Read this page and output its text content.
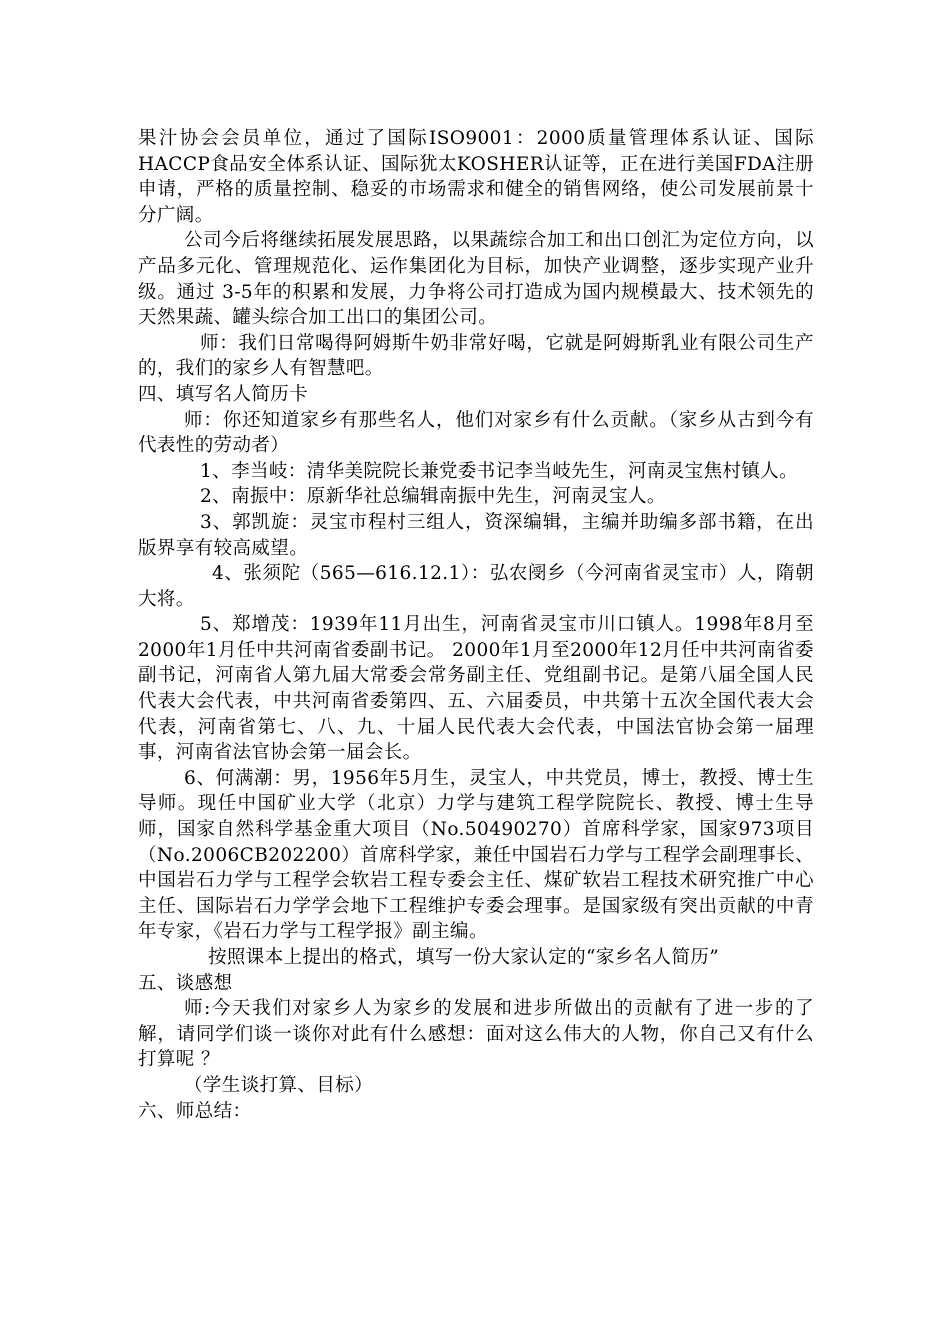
果汁协会会员单位，通过了国际ISO9001：2000质量管理体系认证、国际HACCP食品安全体系认证、国际犹太KOSHER认证等，正在进行美国FDA注册申请，严格的质量控制、稳妥的市场需求和健全的销售网络，使公司发展前景十分广阔。

公司今后将继续拓展发展思路，以果蔬综合加工和出口创汇为定位方向，以产品多元化、管理规范化、运作集团化为目标，加快产业调整，逐步实现产业升级。通过 3-5年的积累和发展，力争将公司打造成为国内规模最大、技术领先的天然果蔬、罐头综合加工出口的集团公司。

师：我们日常喝得阿姆斯牛奶非常好喝，它就是阿姆斯乳业有限公司生产的，我们的家乡人有智慧吧。

四、填写名人简历卡

师：你还知道家乡有那些名人，他们对家乡有什么贡献。（家乡从古到今有代表性的劳动者）

1、李当岐：清华美院院长兼党委书记李当岐先生，河南灵宝焦村镇人。

2、南振中：原新华社总编辑南振中先生，河南灵宝人。

3、郭凯旋：灵宝市程村三组人，资深编辑，主编并助编多部书籍，在出版界享有较高威望。

4、张须陀（565—616.12.1）：弘农阌乡（今河南省灵宝市）人，隋朝大将。

5、郑增茂：1939年11月出生，河南省灵宝市川口镇人。1998年8月至2000年1月任中共河南省委副书记。 2000年1月至2000年12月任中共河南省委副书记，河南省人第九届大常委会常务副主任、党组副书记。是第八届全国人民代表大会代表，中共河南省委第四、五、六届委员，中共第十五次全国代表大会代表，河南省第七、八、九、十届人民代表大会代表，中国法官协会第一届理事，河南省法官协会第一届会长。

6、何满潮：男，1956年5月生，灵宝人，中共党员，博士，教授、博士生导师。现任中国矿业大学（北京）力学与建筑工程学院院长、教授、博士生导师，国家自然科学基金重大项目（No.50490270）首席科学家，国家973项目（No.2006CB202200）首席科学家，兼任中国岩石力学与工程学会副理事长、中国岩石力学与工程学会软岩工程专委会主任、煤矿软岩工程技术研究推广中心主任、国际岩石力学学会地下工程维护专委会理事。是国家级有突出贡献的中青年专家，《岩石力学与工程学报》副主编。

按照课本上提出的格式，填写一份大家认定的“家乡名人简历”

五、谈感想

师:今天我们对家乡人为家乡的发展和进步所做出的贡献有了进一步的了解，请同学们谈一谈你对此有什么感想：面对这么伟大的人物，你自己又有什么打算呢 ？

（学生谈打算、目标）

六、师总结：
